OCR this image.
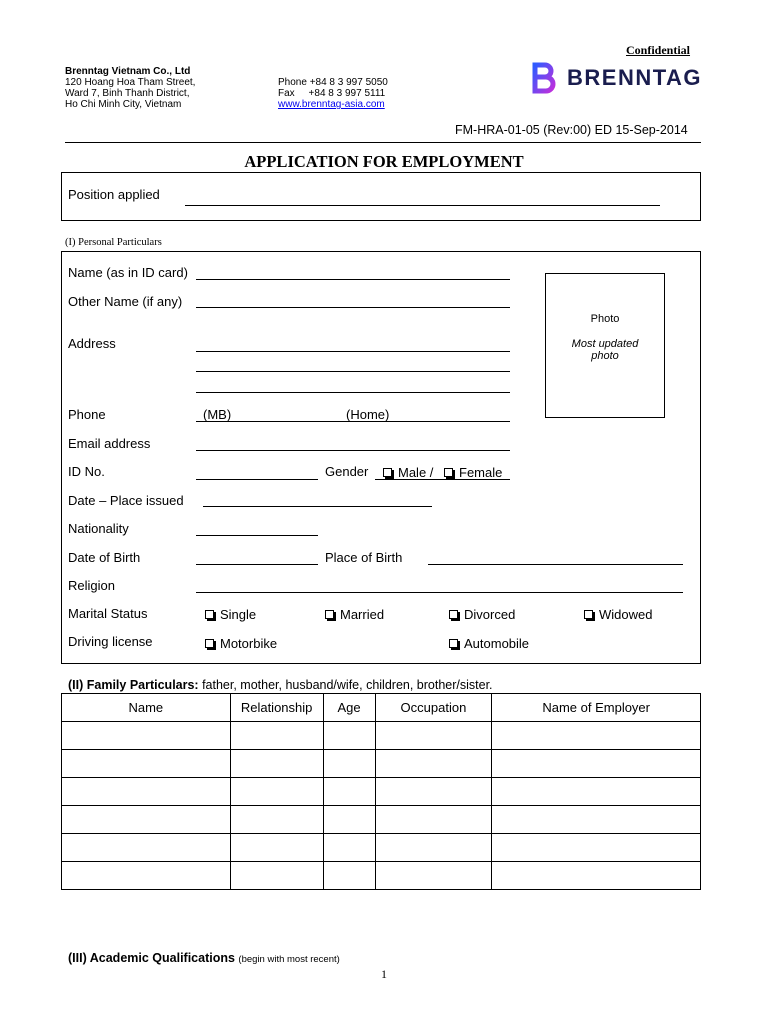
Confidential
Brenntag Vietnam Co., Ltd
120 Hoang Hoa Tham Street,
Ward 7, Binh Thanh District,
Ho Chi Minh City, Vietnam
Phone +84 8 3 997 5050
Fax     +84 8 3 997 5111
www.brenntag-asia.com
BRENNTAG
FM-HRA-01-05 (Rev:00) ED 15-Sep-2014
APPLICATION FOR EMPLOYMENT
Position applied
(I) Personal Particulars
Name (as in ID card)
Other Name (if any)
Address
Photo
Most updated
photo
Phone	(MB)	(Home)
Email address
ID No.	Gender	Male /	Female
Date – Place issued
Nationality
Date of Birth	Place of Birth
Religion
Marital Status	Single	Married	Divorced	Widowed
Driving license	Motorbike	Automobile
(II) Family Particulars: father, mother, husband/wife, children, brother/sister.
Name	Relationship	Age	Occupation	Name of Employer

(III) Academic Qualifications (begin with most recent)
1
